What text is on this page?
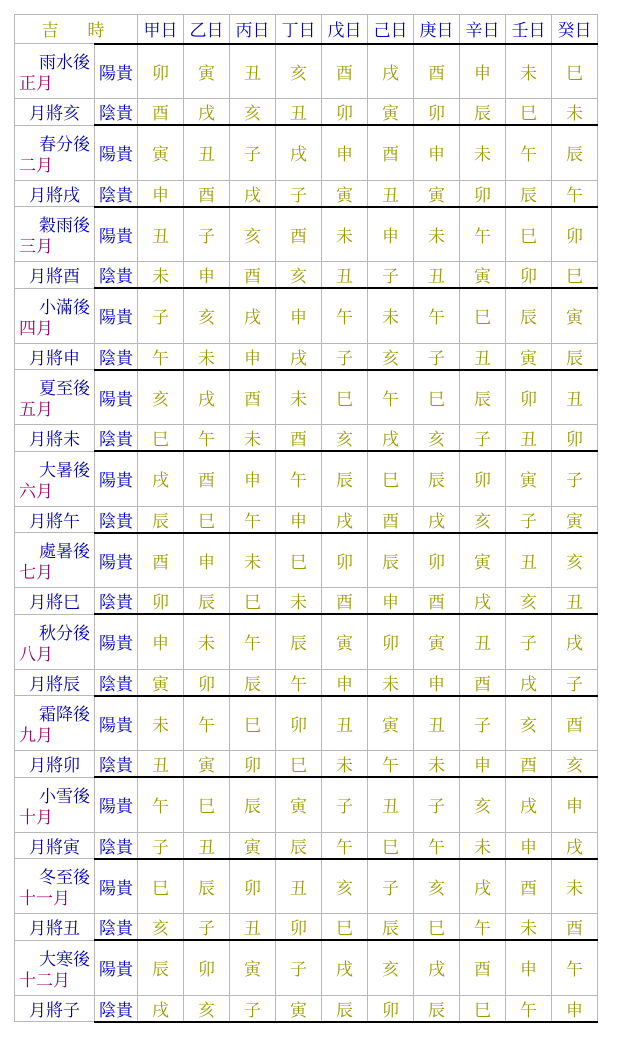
吉　時		甲日	乙日	丙日	丁日	戊日	己日	庚日	辛日	壬日	癸日

雨水後
正月	陽貴	卯	寅	丑	亥	酉	戌	酉	申	未	巳
月將亥	陰貴	酉	戌	亥	丑	卯	寅	卯	辰	巳	未

春分後
二月	陽貴	寅	丑	子	戌	申	酉	申	未	午	辰
月將戌	陰貴	申	酉	戌	子	寅	丑	寅	卯	辰	午

穀雨後
三月	陽貴	丑	子	亥	酉	未	申	未	午	巳	卯
月將酉	陰貴	未	申	酉	亥	丑	子	丑	寅	卯	巳

小滿後
四月	陽貴	子	亥	戌	申	午	未	午	巳	辰	寅
月將申	陰貴	午	未	申	戌	子	亥	子	丑	寅	辰

夏至後
五月	陽貴	亥	戌	酉	未	巳	午	巳	辰	卯	丑
月將未	陰貴	巳	午	未	酉	亥	戌	亥	子	丑	卯

大暑後
六月	陽貴	戌	酉	申	午	辰	巳	辰	卯	寅	子
月將午	陰貴	辰	巳	午	申	戌	酉	戌	亥	子	寅

處暑後
七月	陽貴	酉	申	未	巳	卯	辰	卯	寅	丑	亥
月將巳	陰貴	卯	辰	巳	未	酉	申	酉	戌	亥	丑

秋分後
八月	陽貴	申	未	午	辰	寅	卯	寅	丑	子	戌
月將辰	陰貴	寅	卯	辰	午	申	未	申	酉	戌	子

霜降後
九月	陽貴	未	午	巳	卯	丑	寅	丑	子	亥	酉
月將卯	陰貴	丑	寅	卯	巳	未	午	未	申	酉	亥

小雪後
十月	陽貴	午	巳	辰	寅	子	丑	子	亥	戌	申
月將寅	陰貴	子	丑	寅	辰	午	巳	午	未	申	戌

冬至後
十一月	陽貴	巳	辰	卯	丑	亥	子	亥	戌	酉	未
月將丑	陰貴	亥	子	丑	卯	巳	辰	巳	午	未	酉

大寒後
十二月	陽貴	辰	卯	寅	子	戌	亥	戌	酉	申	午
月將子	陰貴	戌	亥	子	寅	辰	卯	辰	巳	午	申
